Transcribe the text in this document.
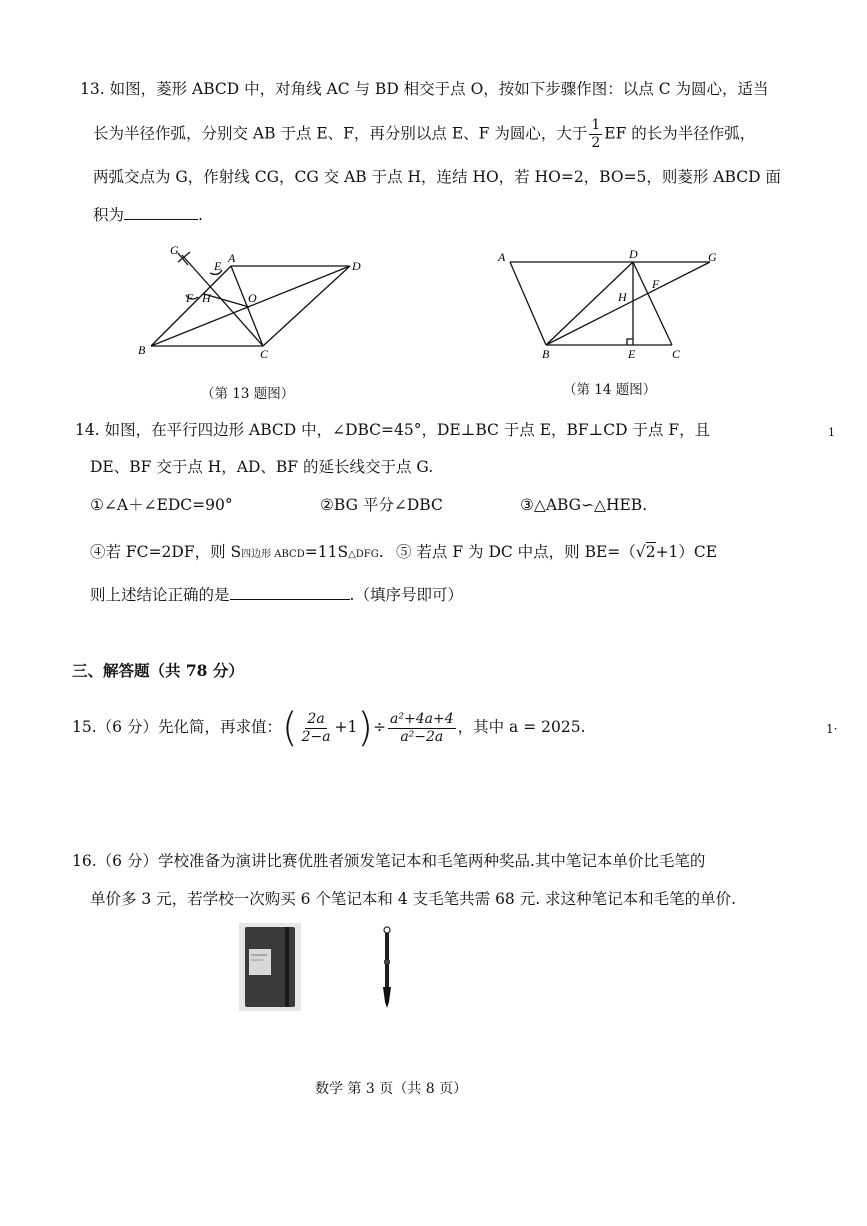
13. 如图，菱形 ABCD 中，对角线 AC 与 BD 相交于点 O，按如下步骤作图：以点 C 为圆心，适当
长为半径作弧，分别交 AB 于点 E、F，再分别以点 E、F 为圆心，大于 $\frac{1}{2}$ EF 的长为半径作弧，
两弧交点为 G，作射线 CG，CG 交 AB 于点 H，连结 HO，若 HO=2，BO=5，则菱形 ABCD 面
积为	.
G
E
A
D
F H	O
B	C
（第 13 题图）
A	D	G
H
F
B	E	C
（第 14 题图）
14. 如图，在平行四边形 ABCD 中，∠DBC=45°，DE⊥BC 于点 E，BF⊥CD 于点 F，且
DE、BF 交于点 H，AD、BF 的延长线交于点 G.
①∠A＋∠EDC=90°	②BG 平分∠DBC	③△ABG∽△HEB.
④若 FC=2DF，则 S四边形 ABCD=11S△DFG. ⑤ 若点 F 为 DC 中点，则 BE=（√2+1）CE
则上述结论正确的是	.（填序号即可）
三、解答题（共 78 分）
15.（6 分）先化简，再求值：( $\frac{2a}{2-a} +1)\div \frac{\text{a²+4a+4}}{\text{a²−2a}}$ ，其中 a = 2025.
16.（6 分）学校准备为演讲比赛优胜者颁发笔记本和毛笔两种奖品.其中笔记本单价比毛笔的
单价多 3 元，若学校一次购买 6 个笔记本和 4 支毛笔共需 68 元. 求这种笔记本和毛笔的单价.
数学 第 3 页（共 8 页）
1
1·
